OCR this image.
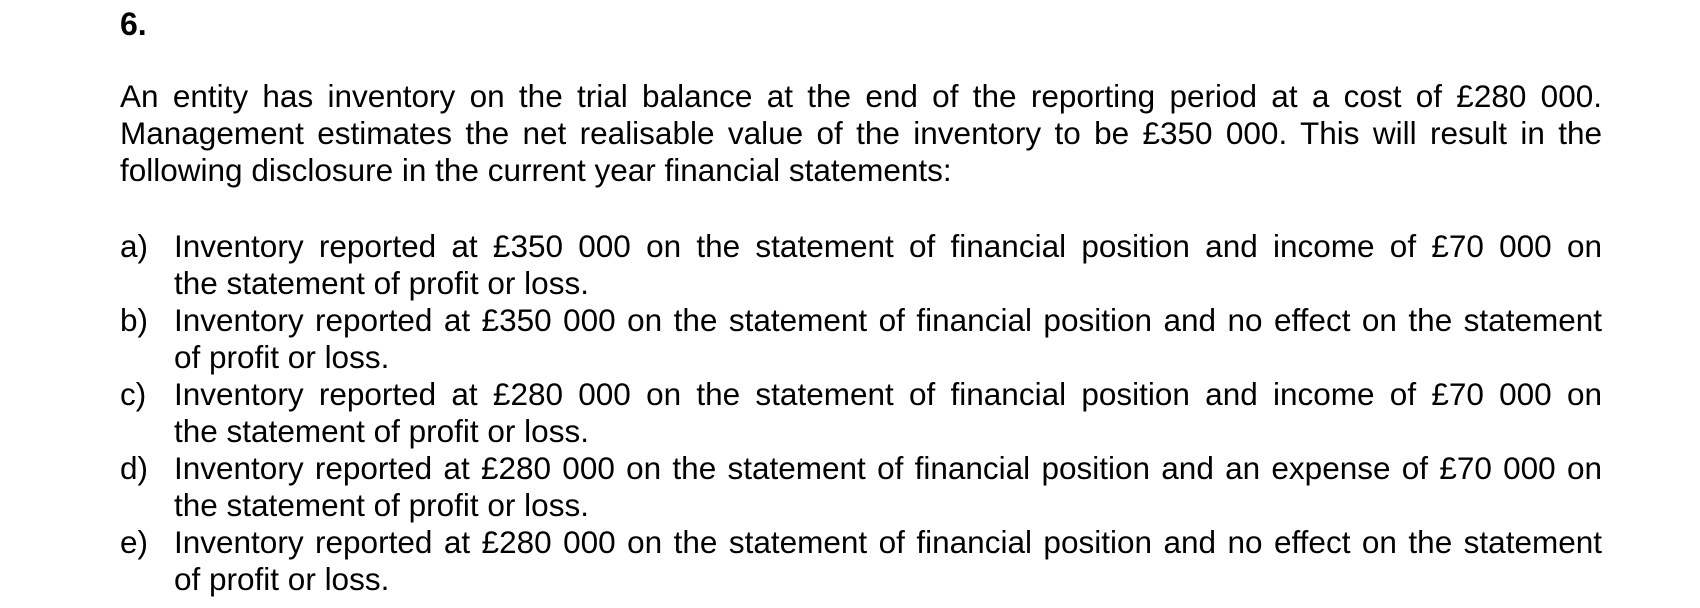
6.
An entity has inventory on the trial balance at the end of the reporting period at a cost of £280 000.
Management estimates the net realisable value of the inventory to be £350 000. This will result in the
following disclosure in the current year financial statements:
a) Inventory reported at £350 000 on the statement of financial position and income of £70 000 on
the statement of profit or loss.
b) Inventory reported at £350 000 on the statement of financial position and no effect on the statement
of profit or loss.
c) Inventory reported at £280 000 on the statement of financial position and income of £70 000 on
the statement of profit or loss.
d) Inventory reported at £280 000 on the statement of financial position and an expense of £70 000 on
the statement of profit or loss.
e) Inventory reported at £280 000 on the statement of financial position and no effect on the statement
of profit or loss.
